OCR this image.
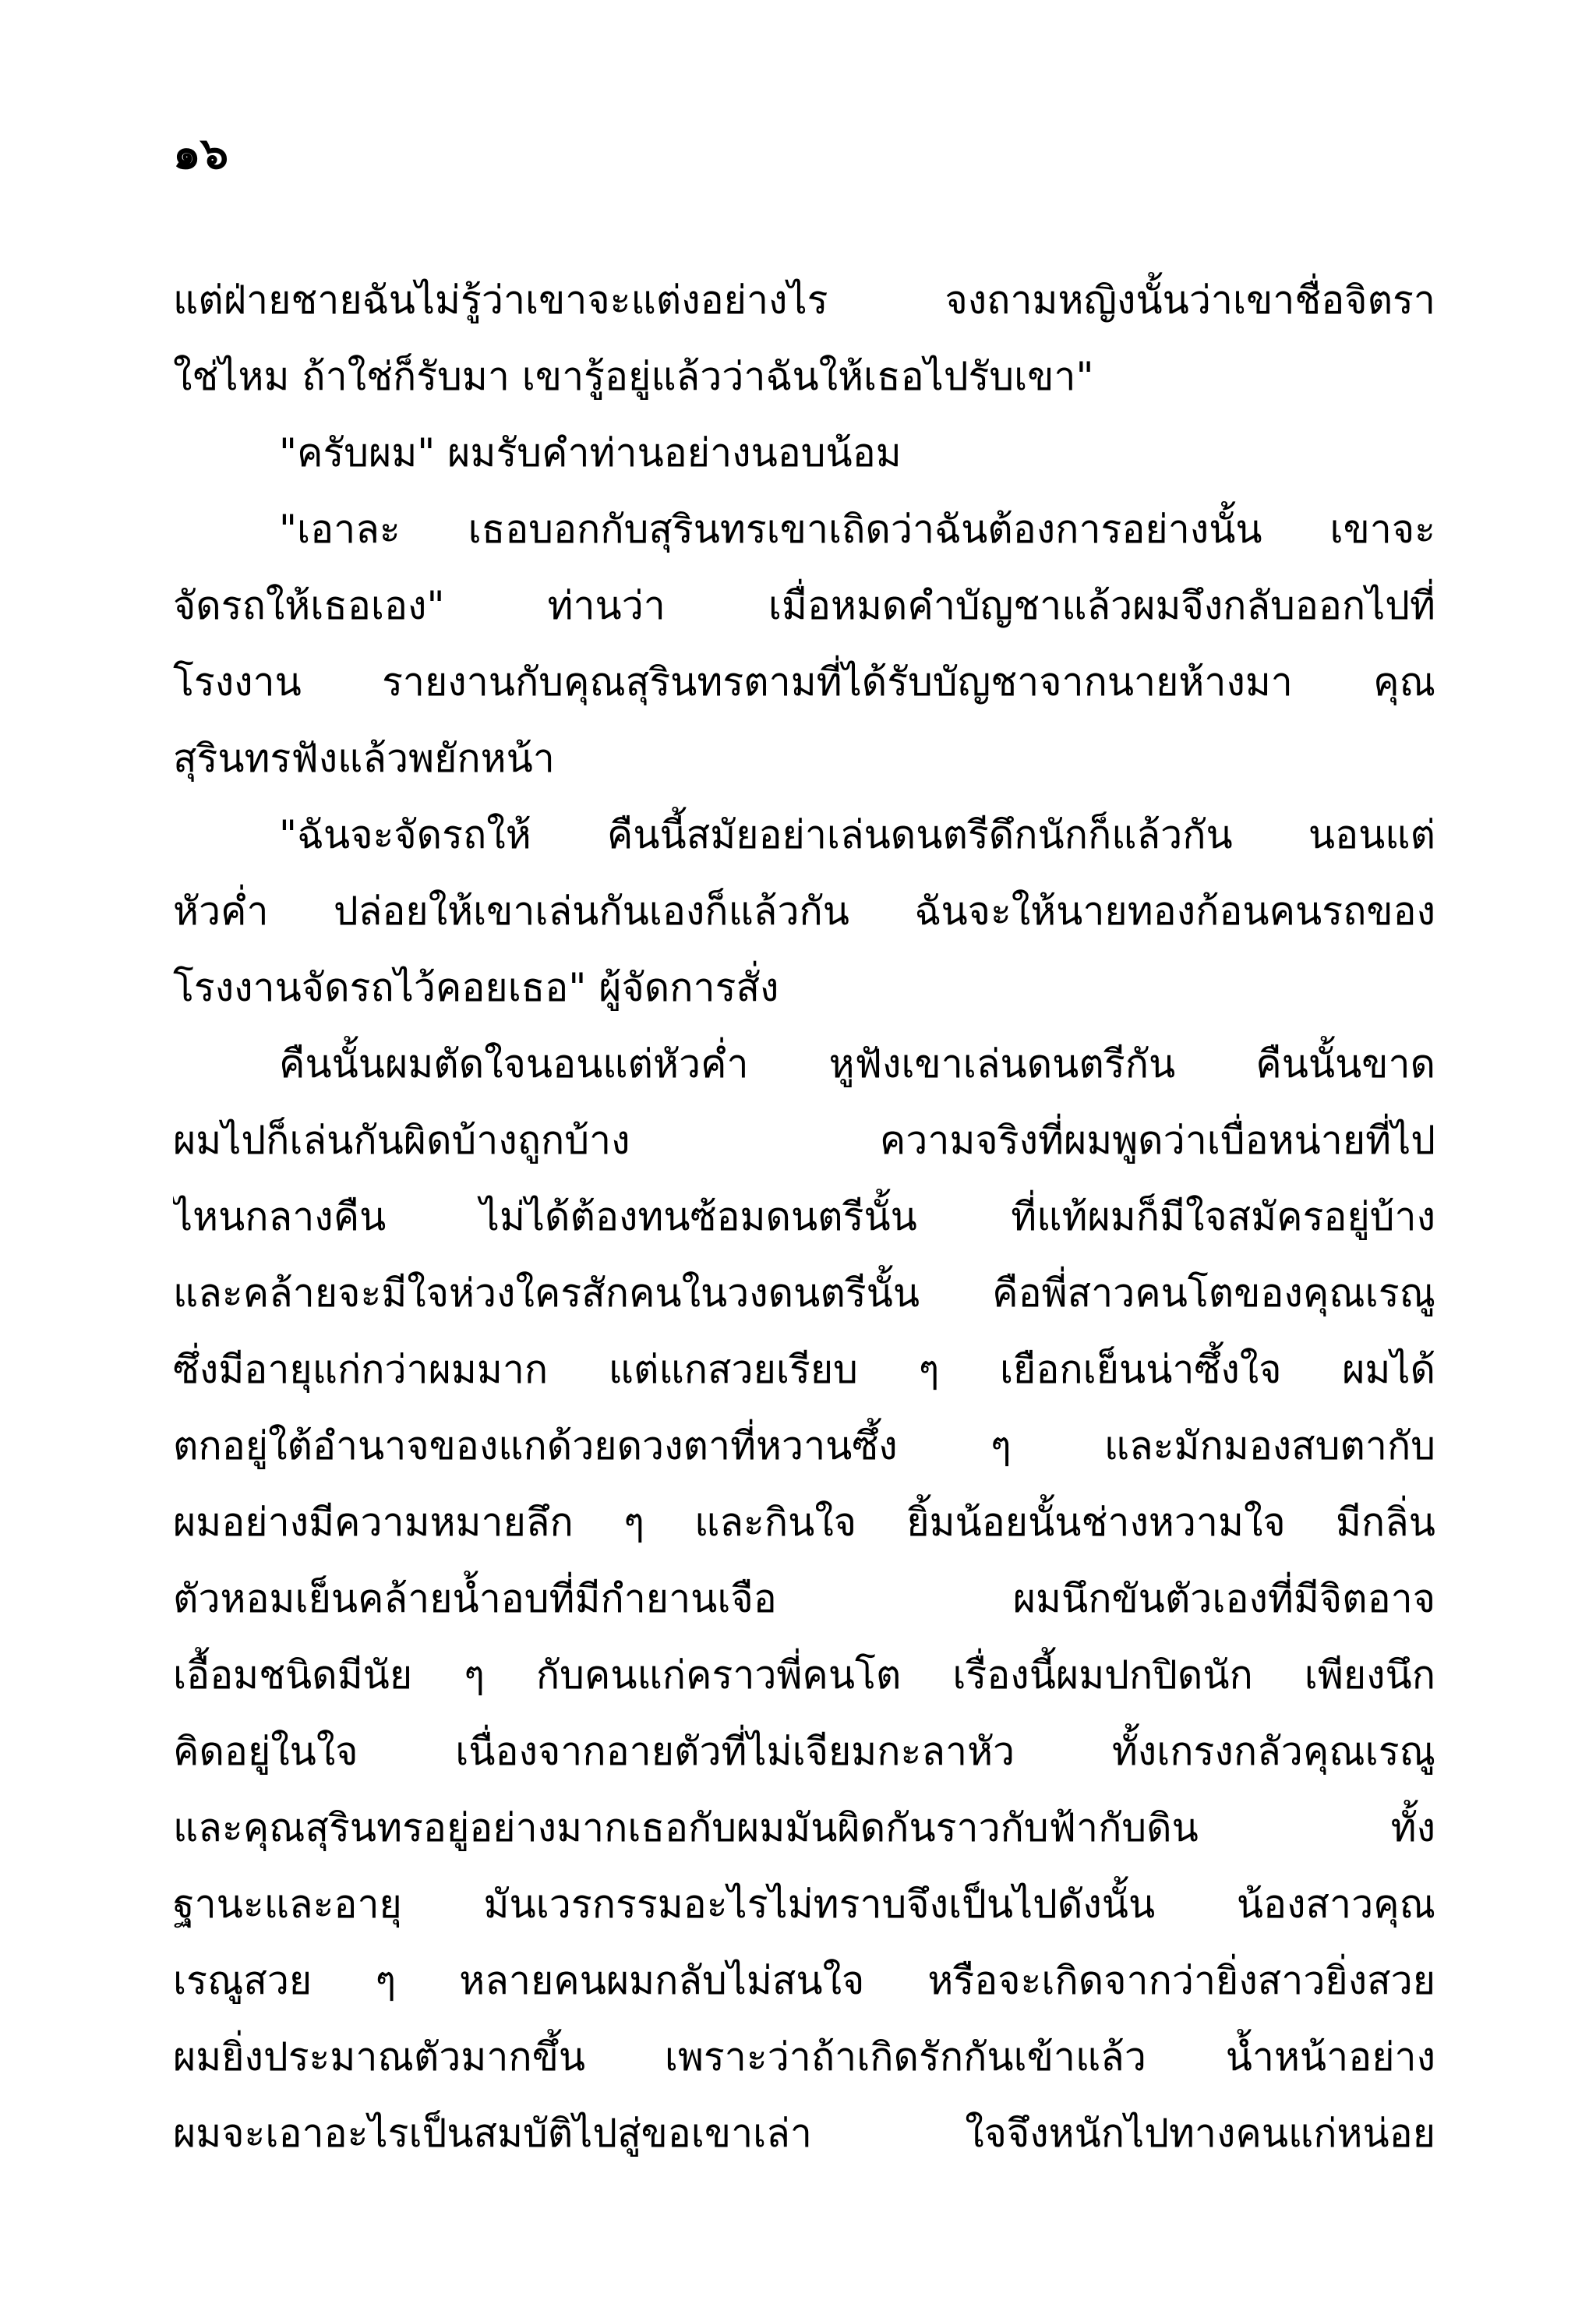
๑๖
แต่ฝ่ายชายฉันไม่รู้ว่าเขาจะแต่งอย่างไร จงถามหญิงนั้นว่าเขาชื่อจิตรา
ใช่ไหม ถ้าใช่ก็รับมา เขารู้อยู่แล้วว่าฉันให้เธอไปรับเขา"
"ครับผม" ผมรับคำท่านอย่างนอบน้อม
"เอาละ เธอบอกกับสุรินทรเขาเถิดว่าฉันต้องการอย่างนั้น เขาจะ
จัดรถให้เธอเอง" ท่านว่า เมื่อหมดคำบัญชาแล้วผมจึงกลับออกไปที่
โรงงาน รายงานกับคุณสุรินทรตามที่ได้รับบัญชาจากนายห้างมา คุณ
สุรินทรฟังแล้วพยักหน้า
"ฉันจะจัดรถให้ คืนนี้สมัยอย่าเล่นดนตรีดึกนักก็แล้วกัน นอนแต่
หัวค่ำ ปล่อยให้เขาเล่นกันเองก็แล้วกัน ฉันจะให้นายทองก้อนคนรถของ
โรงงานจัดรถไว้คอยเธอ" ผู้จัดการสั่ง
คืนนั้นผมตัดใจนอนแต่หัวค่ำ หูฟังเขาเล่นดนตรีกัน คืนนั้นขาด
ผมไปก็เล่นกันผิดบ้างถูกบ้าง ความจริงที่ผมพูดว่าเบื่อหน่ายที่ไป
ไหนกลางคืน ไม่ได้ต้องทนซ้อมดนตรีนั้น ที่แท้ผมก็มีใจสมัครอยู่บ้าง
และคล้ายจะมีใจห่วงใครสักคนในวงดนตรีนั้น คือพี่สาวคนโตของคุณเรณู
ซึ่งมีอายุแก่กว่าผมมาก แต่แกสวยเรียบ ๆ เยือกเย็นน่าซึ้งใจ ผมได้
ตกอยู่ใต้อำนาจของแกด้วยดวงตาที่หวานซึ้ง ๆ และมักมองสบตากับ
ผมอย่างมีความหมายลึก ๆ และกินใจ ยิ้มน้อยนั้นช่างหวามใจ มีกลิ่น
ตัวหอมเย็นคล้ายน้ำอบที่มีกำยานเจือ ผมนึกขันตัวเองที่มีจิตอาจ
เอื้อมชนิดมีนัย ๆ กับคนแก่คราวพี่คนโต เรื่องนี้ผมปกปิดนัก เพียงนึก
คิดอยู่ในใจ เนื่องจากอายตัวที่ไม่เจียมกะลาหัว ทั้งเกรงกลัวคุณเรณู
และคุณสุรินทรอยู่อย่างมากเธอกับผมมันผิดกันราวกับฟ้ากับดิน ทั้ง
ฐานะและอายุ มันเวรกรรมอะไรไม่ทราบจึงเป็นไปดังนั้น น้องสาวคุณ
เรณูสวย ๆ หลายคนผมกลับไม่สนใจ หรือจะเกิดจากว่ายิ่งสาวยิ่งสวย
ผมยิ่งประมาณตัวมากขึ้น เพราะว่าถ้าเกิดรักกันเข้าแล้ว น้ำหน้าอย่าง
ผมจะเอาอะไรเป็นสมบัติไปสู่ขอเขาเล่า ใจจึงหนักไปทางคนแก่หน่อย
